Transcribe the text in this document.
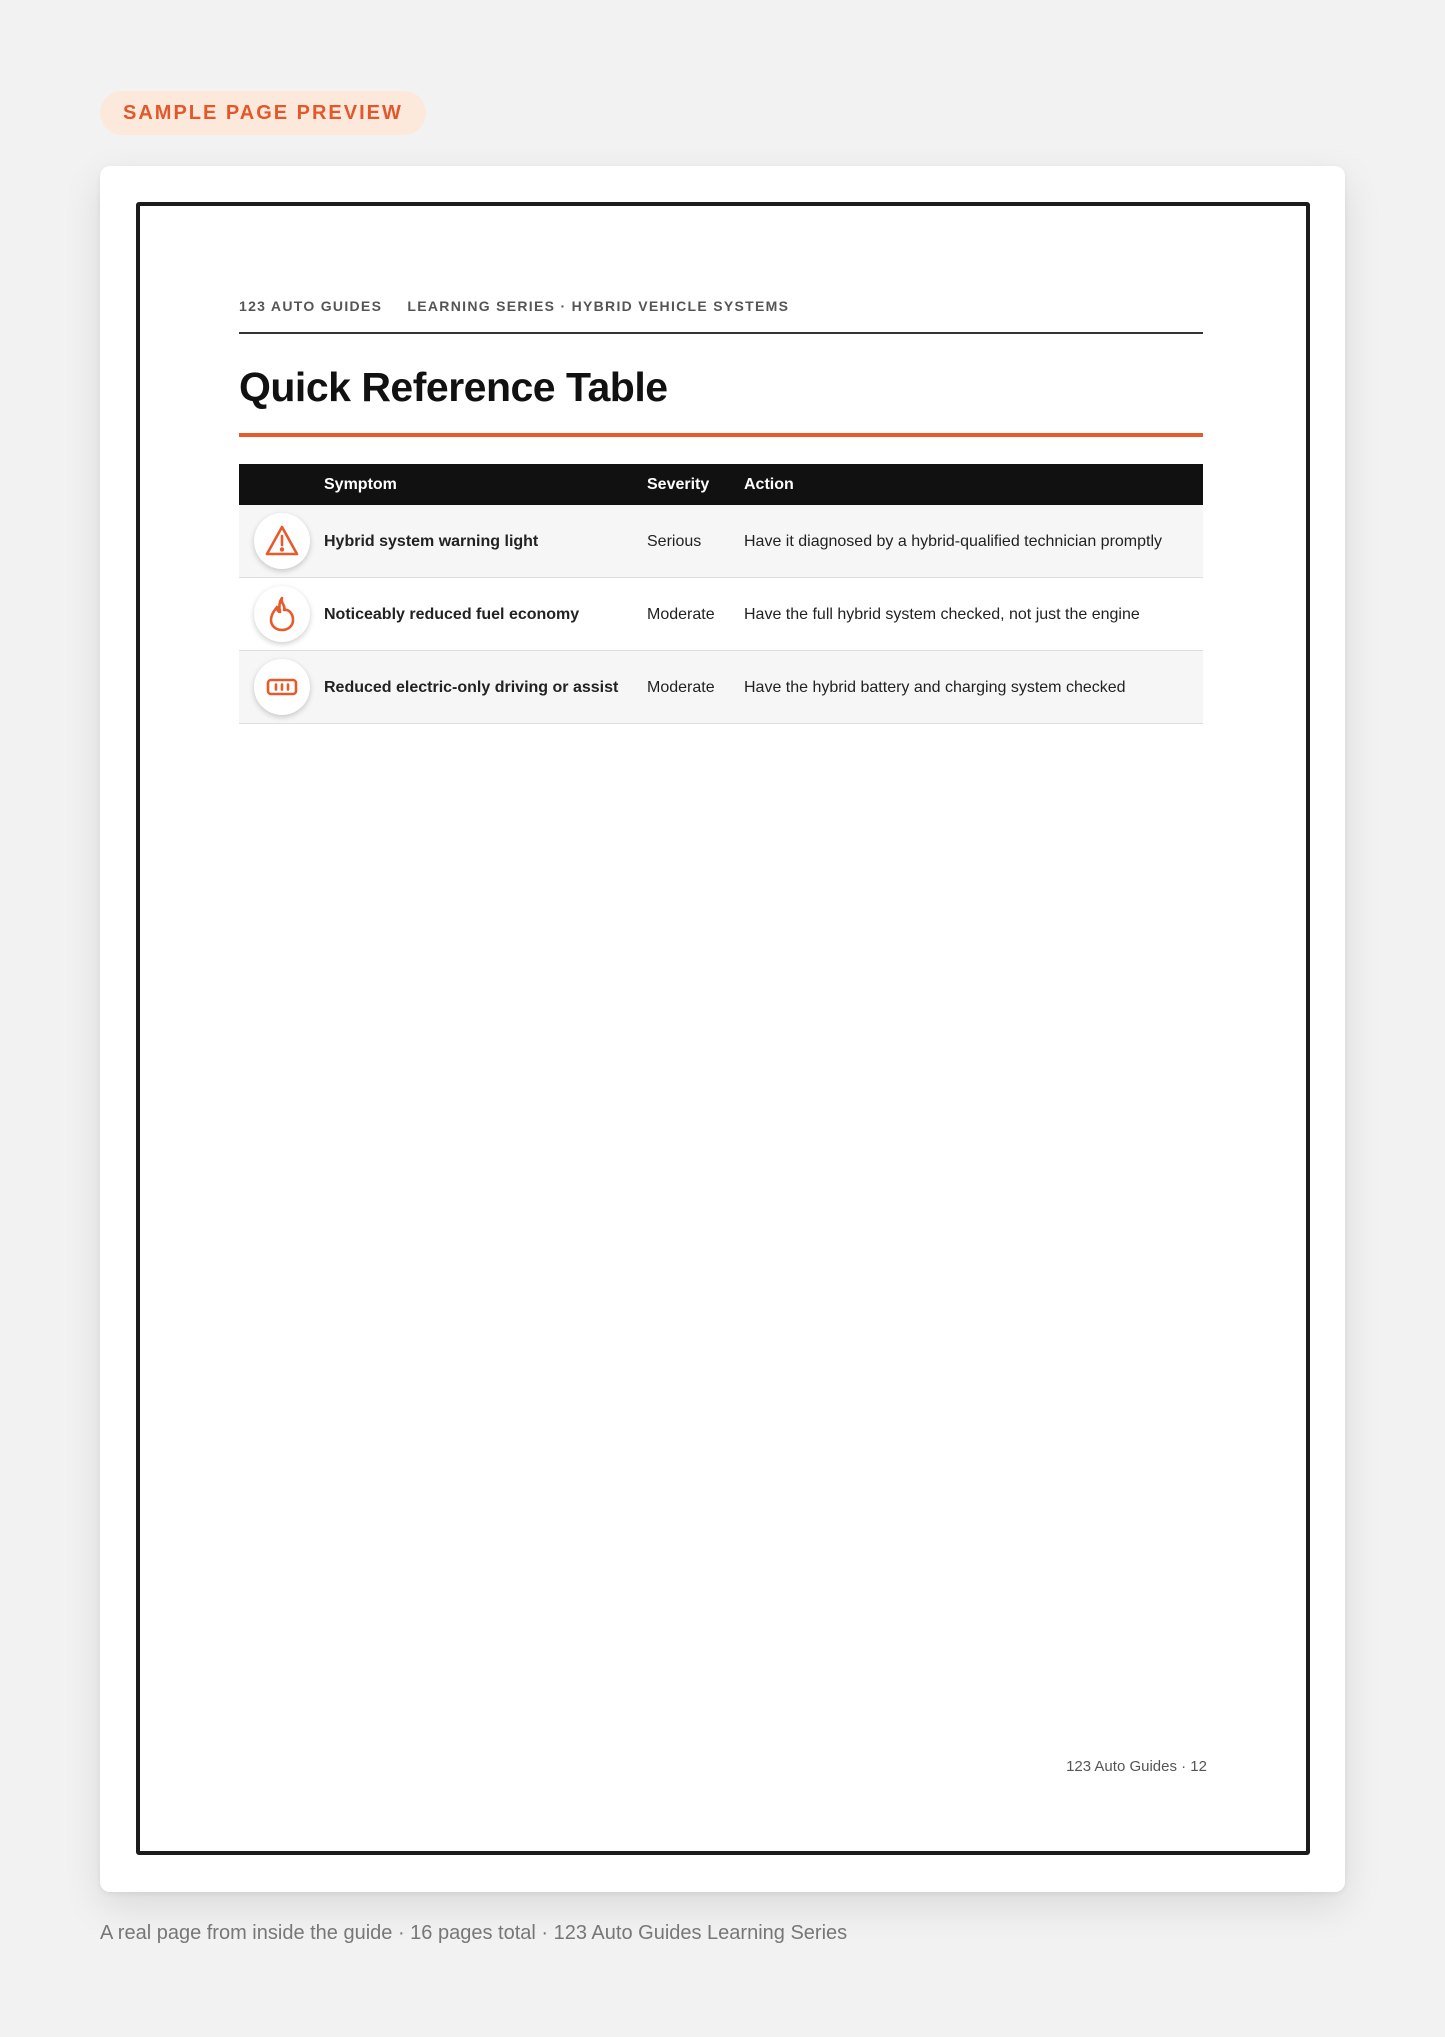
SAMPLE PAGE PREVIEW
123 AUTO GUIDES LEARNING SERIES · HYBRID VEHICLE SYSTEMS
Quick Reference Table
	Symptom	Severity	Action

	Hybrid system warning light	Serious	Have it diagnosed by a hybrid-qualified technician promptly

	Noticeably reduced fuel economy	Moderate	Have the full hybrid system checked, not just the engine

	Reduced electric-only driving or assist	Moderate	Have the hybrid battery and charging system checked
123 Auto Guides · 12
A real page from inside the guide · 16 pages total · 123 Auto Guides Learning Series
